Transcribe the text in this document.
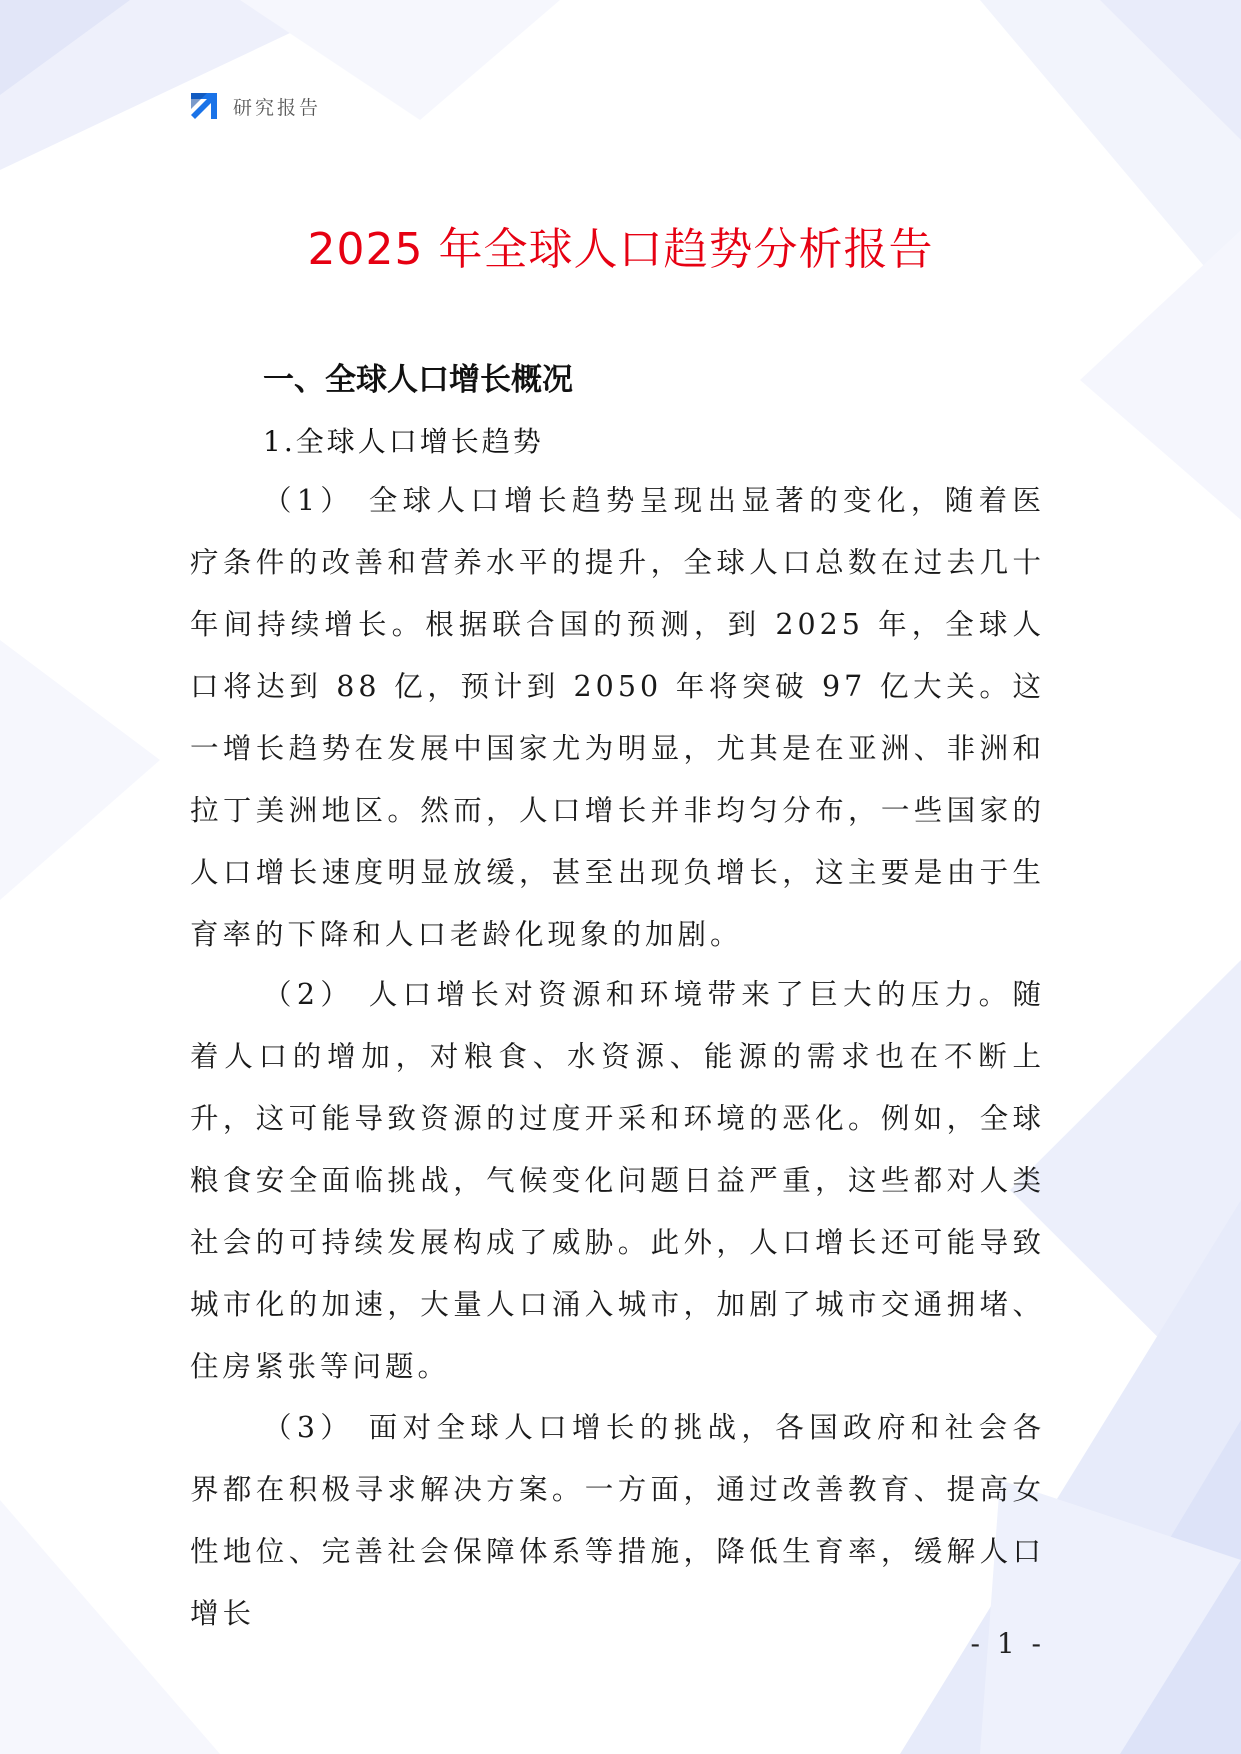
研究报告
2025 年全球人口趋势分析报告
一、全球人口增长概况
1.全球人口增长趋势

（1） 全球人口增长趋势呈现出显著的变化，随着医疗条件的改善和营养水平的提升，全球人口总数在过去几十年间持续增长。根据联合国的预测，到 2025 年，全球人口将达到 88 亿，预计到 2050 年将突破 97 亿大关。这一增长趋势在发展中国家尤为明显，尤其是在亚洲、非洲和拉丁美洲地区。然而，人口增长并非均匀分布，一些国家的人口增长速度明显放缓，甚至出现负增长，这主要是由于生育率的下降和人口老龄化现象的加剧。

（2） 人口增长对资源和环境带来了巨大的压力。随着人口的增加，对粮食、水资源、能源的需求也在不断上升，这可能导致资源的过度开采和环境的恶化。例如，全球粮食安全面临挑战，气候变化问题日益严重，这些都对人类社会的可持续发展构成了威胁。此外，人口增长还可能导致城市化的加速，大量人口涌入城市，加剧了城市交通拥堵、住房紧张等问题。

（3） 面对全球人口增长的挑战，各国政府和社会各界都在积极寻求解决方案。一方面，通过改善教育、提高女性地位、完善社会保障体系等措施，降低生育率，缓解人口增长

- 1 -
